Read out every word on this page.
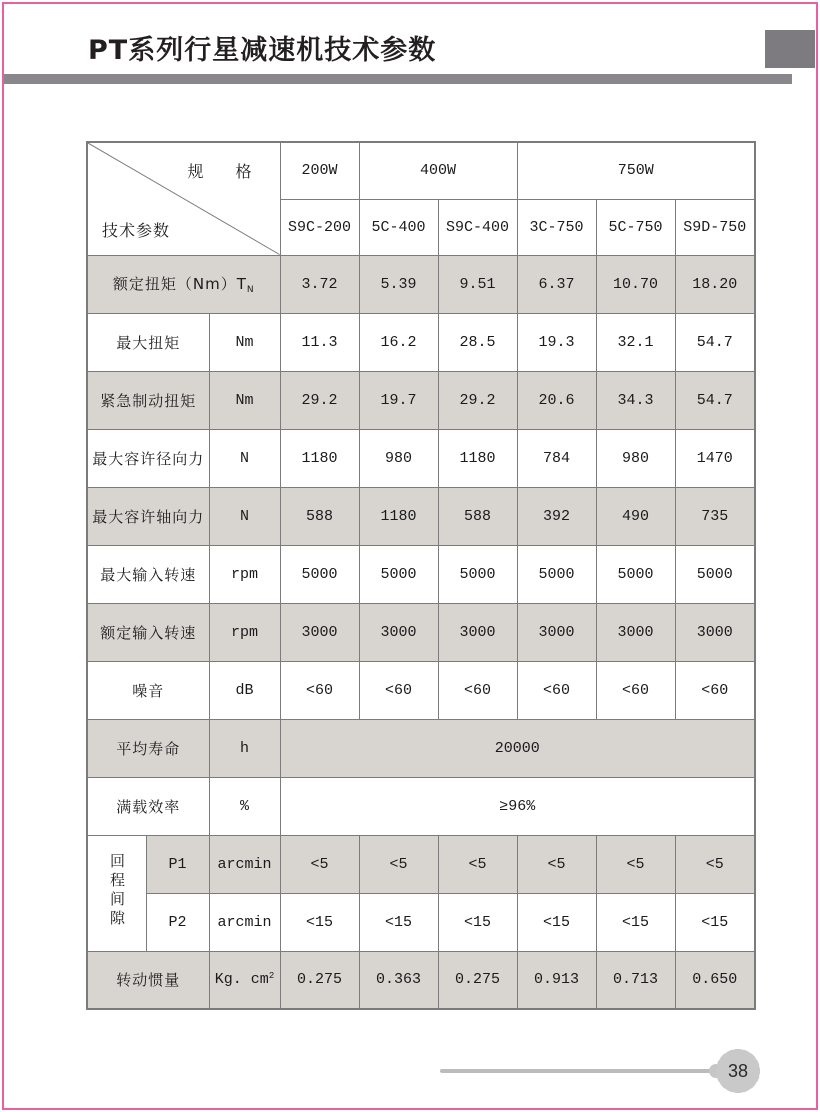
PT系列行星减速机技术参数
规　格
技术参数			200W	400W		750W		
			S9C-200	5C-400	S9C-400	3C-750	5C-750	S9D-750
额定扭矩$(Nm)T_N$			3.72	5.39	9.51	6.37	10.70	18.20
最大扭矩		Nm	11.3	16.2	28.5	19.3	32.1	54.7
紧急制动扭矩		Nm	29.2	19.7	29.2	20.6	34.3	54.7
最大容许径向力		N	1180	980	1180	784	980	1470
最大容许轴向力		N	588	1180	588	392	490	735
最大输入转速		rpm	5000	5000	5000	5000	5000	5000
额定输入转速		rpm	3000	3000	3000	3000	3000	3000
噪音		dB	<60	<60	<60	<60	<60	<60
平均寿命		h	20000					
满载效率		%	≥96%					
回程间隙	P1	arcmin	<5	<5	<5	<5	<5	<5
	P2	arcmin	<15	<15	<15	<15	<15	<15
转动惯量		Kg. $cm^2$	0.275	0.363	0.275	0.913	0.713	0.650
38
